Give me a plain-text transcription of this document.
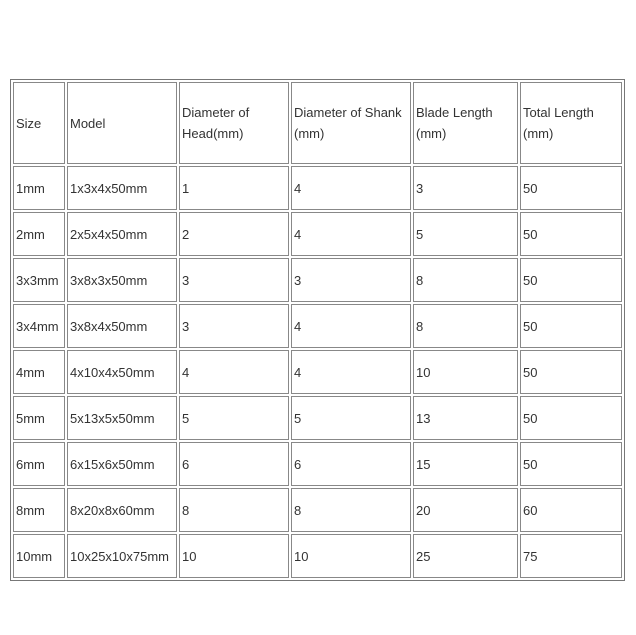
Size	Model	Diameter of Head(mm)	Diameter of Shank (mm)	Blade Length (mm)	Total Length (mm)
1mm	1x3x4x50mm	1	4	3	50
2mm	2x5x4x50mm	2	4	5	50
3x3mm	3x8x3x50mm	3	3	8	50
3x4mm	3x8x4x50mm	3	4	8	50
4mm	4x10x4x50mm	4	4	10	50
5mm	5x13x5x50mm	5	5	13	50
6mm	6x15x6x50mm	6	6	15	50
8mm	8x20x8x60mm	8	8	20	60
10mm	10x25x10x75mm	10	10	25	75
